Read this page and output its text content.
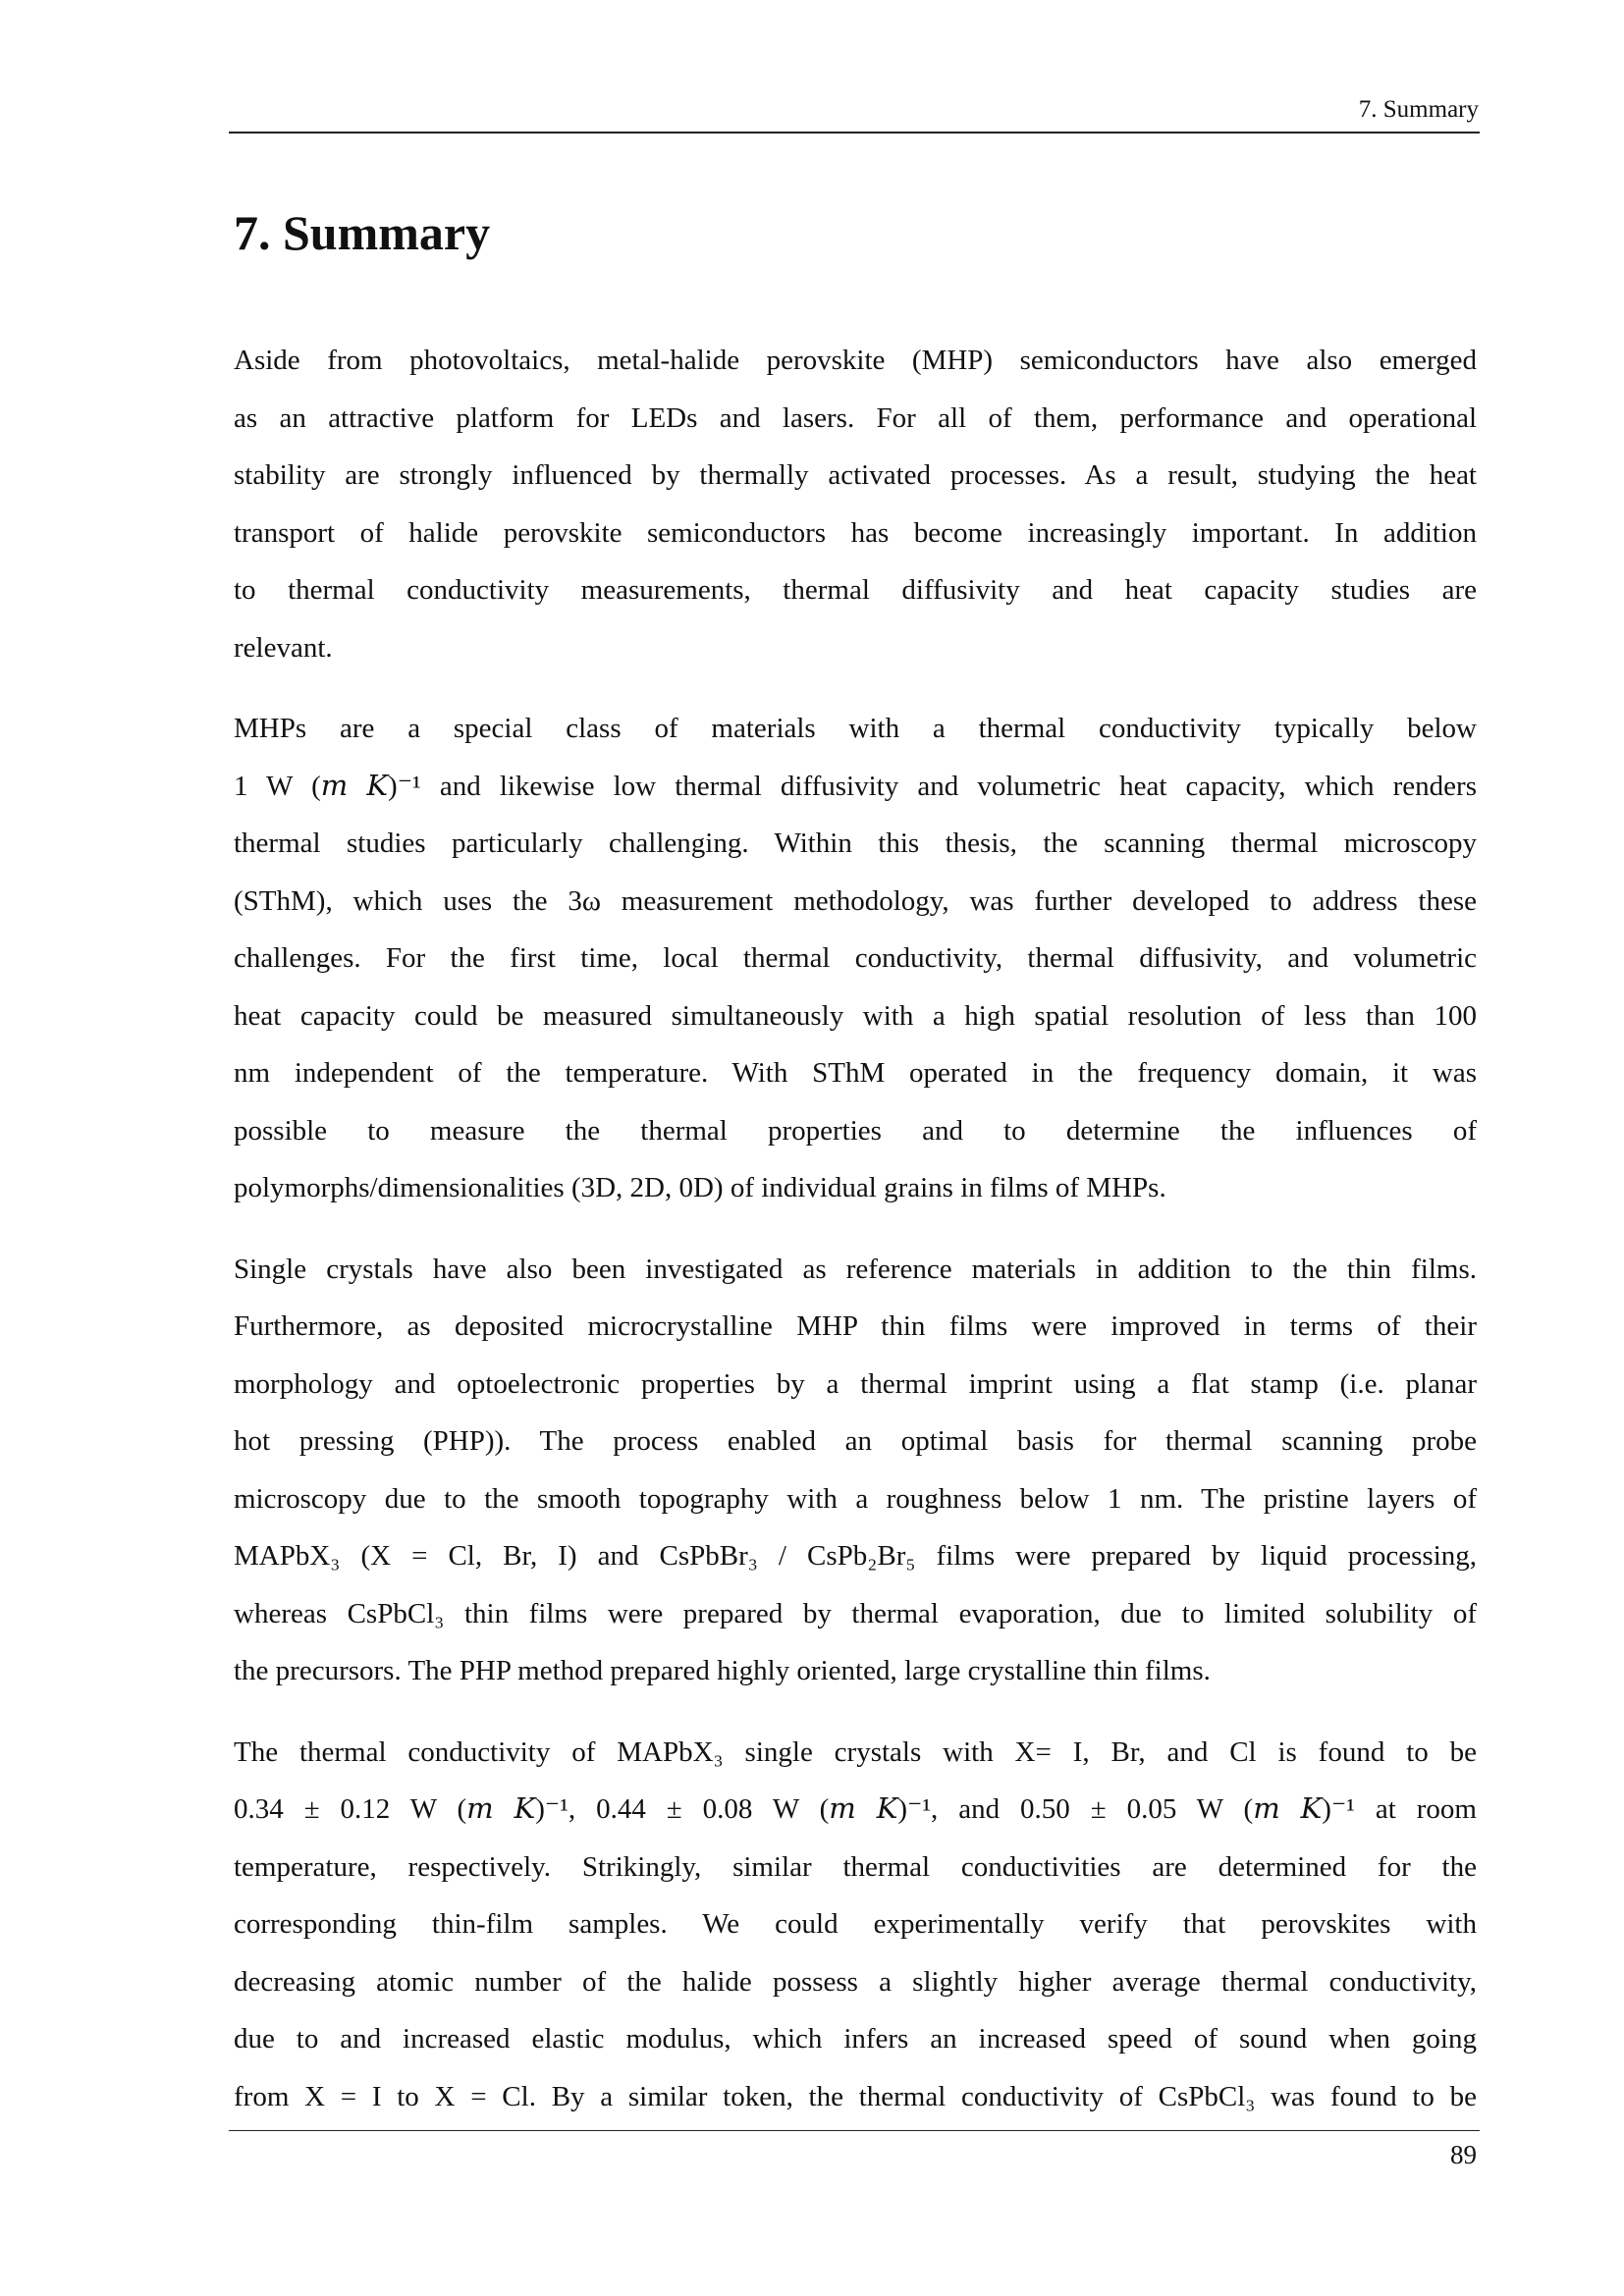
7. Summary
7. Summary
Aside from photovoltaics, metal-halide perovskite (MHP) semiconductors have also emerged
as an attractive platform for LEDs and lasers. For all of them, performance and operational
stability are strongly influenced by thermally activated processes. As a result, studying the heat
transport of halide perovskite semiconductors has become increasingly important. In addition
to thermal conductivity measurements, thermal diffusivity and heat capacity studies are
relevant.
MHPs are a special class of materials with a thermal conductivity typically below
1 W (𝑚 𝐾)⁻¹ and likewise low thermal diffusivity and volumetric heat capacity, which renders
thermal studies particularly challenging. Within this thesis, the scanning thermal microscopy
(SThM), which uses the 3ω measurement methodology, was further developed to address these
challenges. For the first time, local thermal conductivity, thermal diffusivity, and volumetric
heat capacity could be measured simultaneously with a high spatial resolution of less than 100
nm independent of the temperature. With SThM operated in the frequency domain, it was
possible to measure the thermal properties and to determine the influences of
polymorphs/dimensionalities (3D, 2D, 0D) of individual grains in films of MHPs.
Single crystals have also been investigated as reference materials in addition to the thin films.
Furthermore, as deposited microcrystalline MHP thin films were improved in terms of their
morphology and optoelectronic properties by a thermal imprint using a flat stamp (i.e. planar
hot pressing (PHP)). The process enabled an optimal basis for thermal scanning probe
microscopy due to the smooth topography with a roughness below 1 nm. The pristine layers of
MAPbX₃ (X = Cl, Br, I) and CsPbBr₃ / CsPb₂Br₅ films were prepared by liquid processing,
whereas CsPbCl₃ thin films were prepared by thermal evaporation, due to limited solubility of
the precursors. The PHP method prepared highly oriented, large crystalline thin films.
The thermal conductivity of MAPbX₃ single crystals with X= I, Br, and Cl is found to be
0.34 ± 0.12 W (𝑚 𝐾)⁻¹, 0.44 ± 0.08 W (𝑚 𝐾)⁻¹, and 0.50 ± 0.05 W (𝑚 𝐾)⁻¹ at room
temperature, respectively. Strikingly, similar thermal conductivities are determined for the
corresponding thin-film samples. We could experimentally verify that perovskites with
decreasing atomic number of the halide possess a slightly higher average thermal conductivity,
due to and increased elastic modulus, which infers an increased speed of sound when going
from X = I to X = Cl. By a similar token, the thermal conductivity of CsPbCl₃ was found to be
89
